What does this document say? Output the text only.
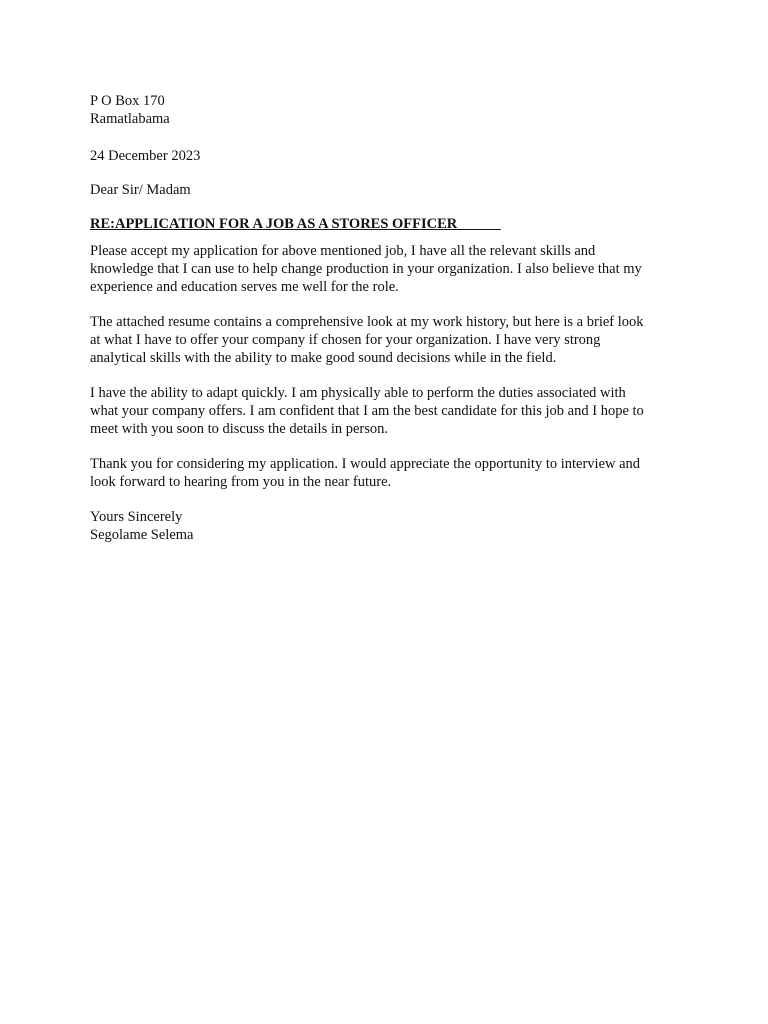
P O Box 170
Ramatlabama
24 December 2023
Dear Sir/ Madam
RE:APPLICATION FOR A JOB AS A STORES OFFICER
Please accept my application for above mentioned job, I have all the relevant skills and
knowledge that I can use to help change production in your organization. I also believe that my
experience and education serves me well for the role.
The attached resume contains a comprehensive look at my work history, but here is a brief look
at what I have to offer your company if chosen for your organization. I have very strong
analytical skills with the ability to make good sound decisions while in the field.
I have the ability to adapt quickly. I am physically able to perform the duties associated with
what your company offers. I am confident that I am the best candidate for this job and I hope to
meet with you soon to discuss the details in person.
Thank you for considering my application. I would appreciate the opportunity to interview and
look forward to hearing from you in the near future.
Yours Sincerely
Segolame Selema
